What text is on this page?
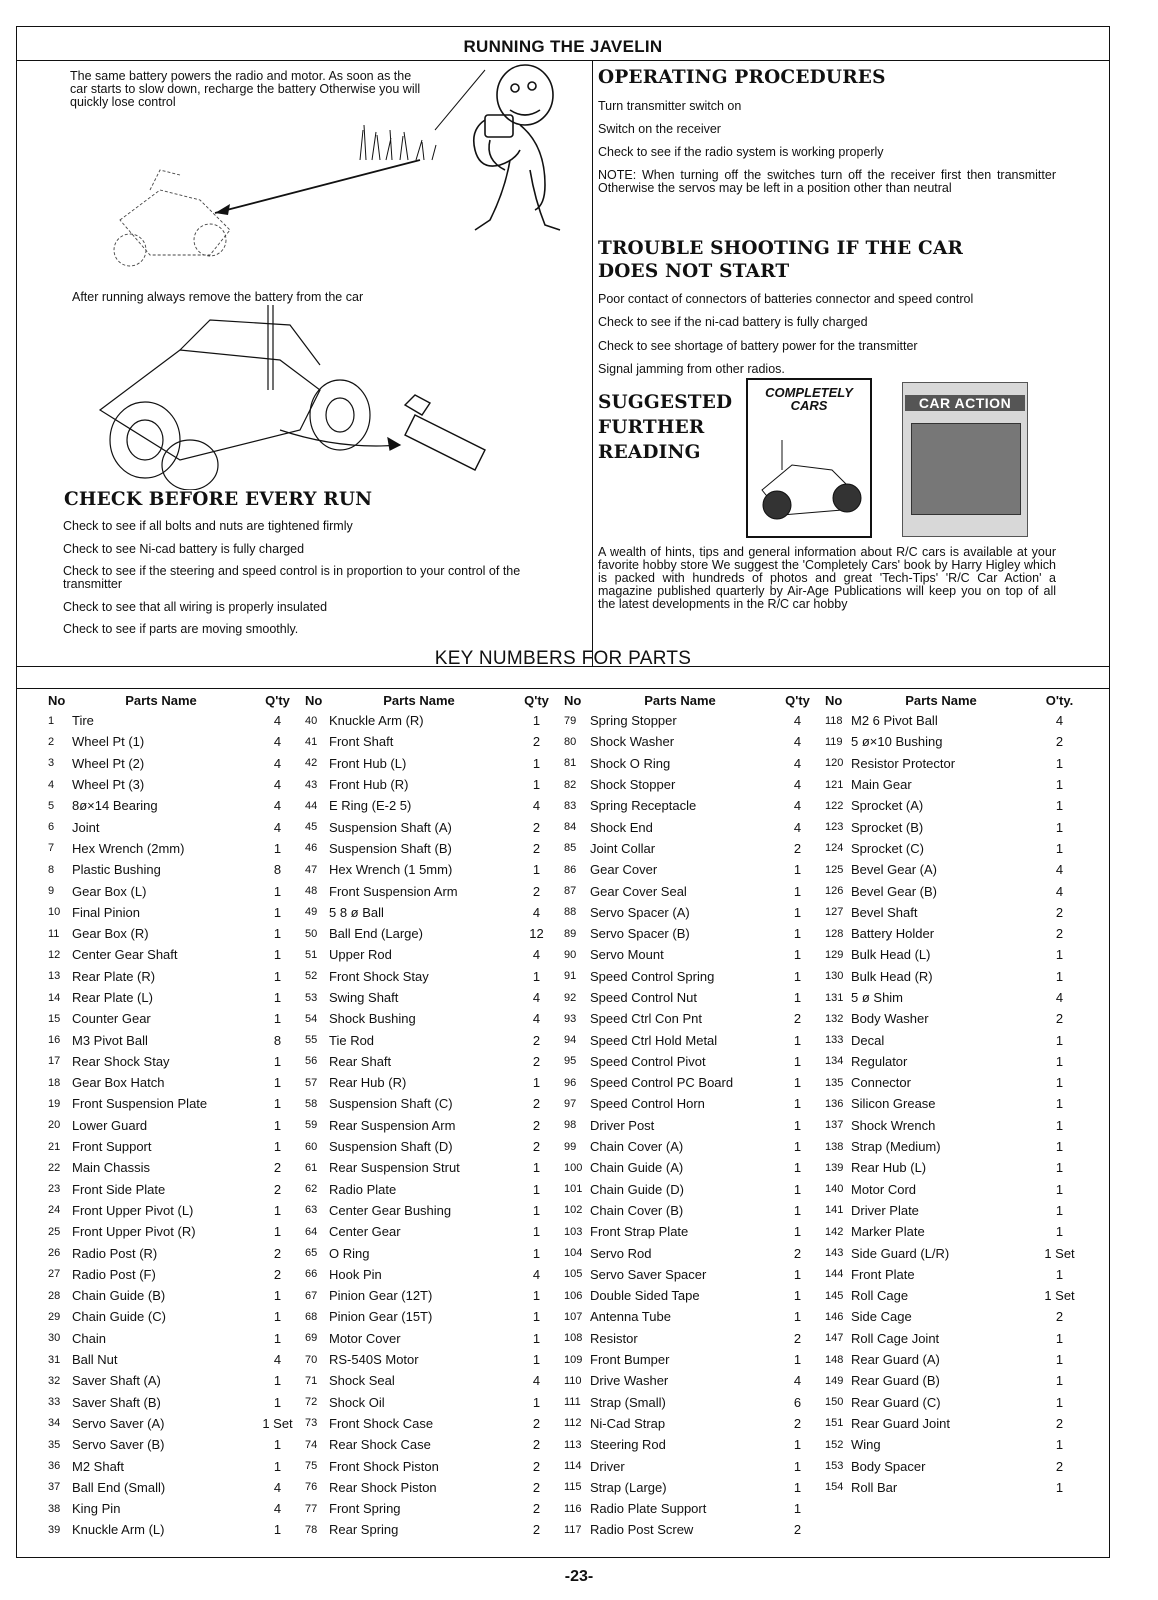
RUNNING THE JAVELIN
The same battery powers the radio and motor. As soon as the car starts to slow down, recharge the battery Otherwise you will quickly lose control
After running always remove the battery from the car
CHECK BEFORE EVERY RUN
Check to see if all bolts and nuts are tightened firmly
Check to see Ni-cad battery is fully charged
Check to see if the steering and speed control is in proportion to your control of the transmitter
Check to see that all wiring is properly insulated
Check to see if parts are moving smoothly.
OPERATING PROCEDURES
Turn transmitter switch on
Switch on the receiver
Check to see if the radio system is working properly
NOTE: When turning off the switches turn off the receiver first then transmitter Otherwise the servos may be left in a position other than neutral
TROUBLE SHOOTING IF THE CAR
DOES NOT START
Poor contact of connectors of batteries connector and speed control
Check to see if the ni-cad battery is fully charged
Check to see shortage of battery power for the transmitter
Signal jamming from other radios.
SUGGESTED
FURTHER
READING
COMPLETELY
CARS	CAR ACTION
A wealth of hints, tips and general information about R/C cars is available at your favorite hobby store We suggest the 'Completely Cars' book by Harry Higley which is packed with hundreds of photos and great 'Tech-Tips' 'R/C Car Action' a magazine published quarterly by Air-Age Publications will keep you on top of all the latest developments in the R/C car hobby
KEY NUMBERS FOR PARTS
No	Parts Name	Q'ty	No	Parts Name	Q'ty	No	Parts Name	Q'ty	No	Parts Name	O'ty.
1	Tire	4	40	Knuckle Arm (R)	1	79	Spring Stopper	4	118	M2 6 Pivot Ball	4
2	Wheel Pt (1)	4	41	Front Shaft	2	80	Shock Washer	4	119	5 ø×10 Bushing	2
3	Wheel Pt (2)	4	42	Front Hub (L)	1	81	Shock O Ring	4	120	Resistor Protector	1
4	Wheel Pt (3)	4	43	Front Hub (R)	1	82	Shock Stopper	4	121	Main Gear	1
5	8ø×14 Bearing	4	44	E Ring (E-2 5)	4	83	Spring Receptacle	4	122	Sprocket (A)	1
6	Joint	4	45	Suspension Shaft (A)	2	84	Shock End	4	123	Sprocket (B)	1
7	Hex Wrench (2mm)	1	46	Suspension Shaft (B)	2	85	Joint Collar	2	124	Sprocket (C)	1
8	Plastic Bushing	8	47	Hex Wrench (1 5mm)	1	86	Gear Cover	1	125	Bevel Gear (A)	4
9	Gear Box (L)	1	48	Front Suspension Arm	2	87	Gear Cover Seal	1	126	Bevel Gear (B)	4
10	Final Pinion	1	49	5 8 ø Ball	4	88	Servo Spacer (A)	1	127	Bevel Shaft	2
11	Gear Box (R)	1	50	Ball End (Large)	12	89	Servo Spacer (B)	1	128	Battery Holder	2
12	Center Gear Shaft	1	51	Upper Rod	4	90	Servo Mount	1	129	Bulk Head (L)	1
13	Rear Plate (R)	1	52	Front Shock Stay	1	91	Speed Control Spring	1	130	Bulk Head (R)	1
14	Rear Plate (L)	1	53	Swing Shaft	4	92	Speed Control Nut	1	131	5 ø Shim	4
15	Counter Gear	1	54	Shock Bushing	4	93	Speed Ctrl Con Pnt	2	132	Body Washer	2
16	M3 Pivot Ball	8	55	Tie Rod	2	94	Speed Ctrl Hold Metal	1	133	Decal	1
17	Rear Shock Stay	1	56	Rear Shaft	2	95	Speed Control Pivot	1	134	Regulator	1
18	Gear Box Hatch	1	57	Rear Hub (R)	1	96	Speed Control PC Board	1	135	Connector	1
19	Front Suspension Plate	1	58	Suspension Shaft (C)	2	97	Speed Control Horn	1	136	Silicon Grease	1
20	Lower Guard	1	59	Rear Suspension Arm	2	98	Driver Post	1	137	Shock Wrench	1
21	Front Support	1	60	Suspension Shaft (D)	2	99	Chain Cover (A)	1	138	Strap (Medium)	1
22	Main Chassis	2	61	Rear Suspension Strut	1	100	Chain Guide (A)	1	139	Rear Hub (L)	1
23	Front Side Plate	2	62	Radio Plate	1	101	Chain Guide (D)	1	140	Motor Cord	1
24	Front Upper Pivot (L)	1	63	Center Gear Bushing	1	102	Chain Cover (B)	1	141	Driver Plate	1
25	Front Upper Pivot (R)	1	64	Center Gear	1	103	Front Strap Plate	1	142	Marker Plate	1
26	Radio Post (R)	2	65	O Ring	1	104	Servo Rod	2	143	Side Guard (L/R)	1 Set
27	Radio Post (F)	2	66	Hook Pin	4	105	Servo Saver Spacer	1	144	Front Plate	1
28	Chain Guide (B)	1	67	Pinion Gear (12T)	1	106	Double Sided Tape	1	145	Roll Cage	1 Set
29	Chain Guide (C)	1	68	Pinion Gear (15T)	1	107	Antenna Tube	1	146	Side Cage	2
30	Chain	1	69	Motor Cover	1	108	Resistor	2	147	Roll Cage Joint	1
31	Ball Nut	4	70	RS-540S Motor	1	109	Front Bumper	1	148	Rear Guard (A)	1
32	Saver Shaft (A)	1	71	Shock Seal	4	110	Drive Washer	4	149	Rear Guard (B)	1
33	Saver Shaft (B)	1	72	Shock Oil	1	111	Strap (Small)	6	150	Rear Guard (C)	1
34	Servo Saver (A)	1 Set	73	Front Shock Case	2	112	Ni-Cad Strap	2	151	Rear Guard Joint	2
35	Servo Saver (B)	1	74	Rear Shock Case	2	113	Steering Rod	1	152	Wing	1
36	M2 Shaft	1	75	Front Shock Piston	2	114	Driver	1	153	Body Spacer	2
37	Ball End (Small)	4	76	Rear Shock Piston	2	115	Strap (Large)	1	154	Roll Bar	1
38	King Pin	4	77	Front Spring	2	116	Radio Plate Support	1			
39	Knuckle Arm (L)	1	78	Rear Spring	2	117	Radio Post Screw	2			
-23-
